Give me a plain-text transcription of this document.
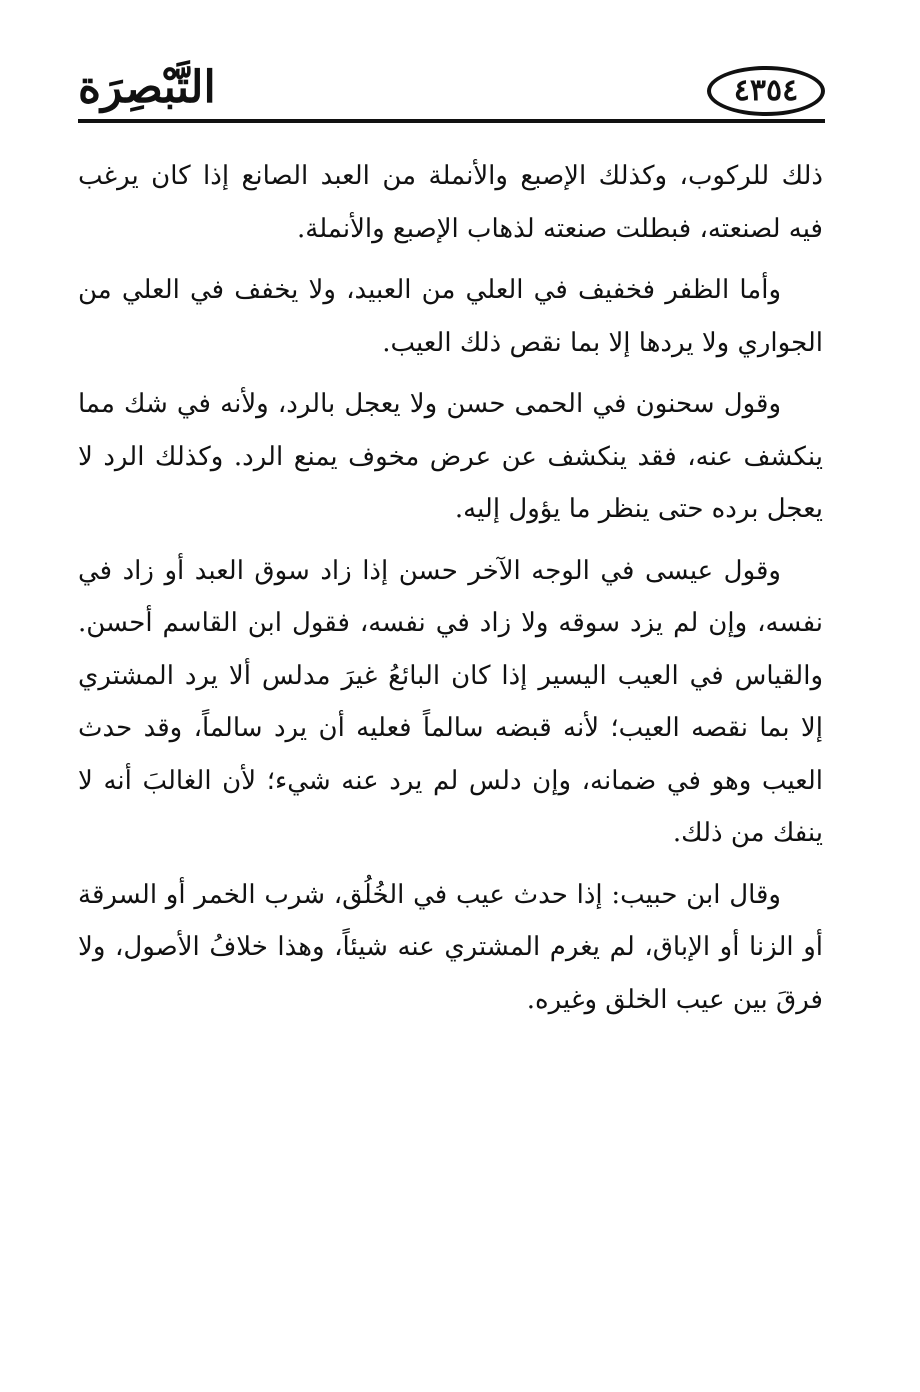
التَّبْصِرَة	٤٣٥٤

ذلك للركوب، وكذلك الإصبع والأنملة من العبد الصانع إذا كان يرغب فيه لصنعته، فبطلت صنعته لذهاب الإصبع والأنملة.

وأما الظفر فخفيف في العلي من العبيد، ولا يخفف في العلي من الجواري ولا يردها إلا بما نقص ذلك العيب.

وقول سحنون في الحمى حسن ولا يعجل بالرد، ولأنه في شك مما ينكشف عنه، فقد ينكشف عن عرض مخوف يمنع الرد. وكذلك الرد لا يعجل برده حتى ينظر ما يؤول إليه.

وقول عيسى في الوجه الآخر حسن إذا زاد سوق العبد أو زاد في نفسه، وإن لم يزد سوقه ولا زاد في نفسه، فقول ابن القاسم أحسن. والقياس في العيب اليسير إذا كان البائعُ غيرَ مدلس ألا يرد المشتري إلا بما نقصه العيب؛ لأنه قبضه سالماً فعليه أن يرد سالماً، وقد حدث العيب وهو في ضمانه، وإن دلس لم يرد عنه شيء؛ لأن الغالبَ أنه لا ينفك من ذلك.

وقال ابن حبيب: إذا حدث عيب في الخُلُق، شرب الخمر أو السرقة أو الزنا أو الإباق، لم يغرم المشتري عنه شيئاً، وهذا خلافُ الأصول، ولا فرقَ بين عيب الخلق وغيره.
